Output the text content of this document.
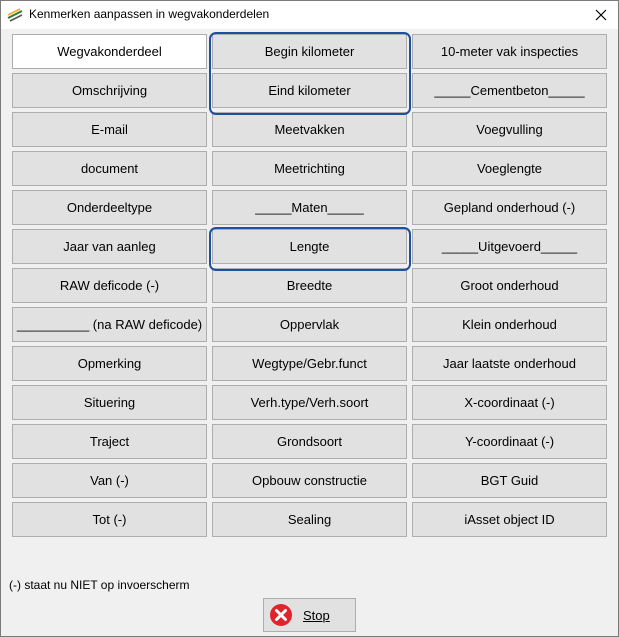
Kenmerken aanpassen in wegvakonderdelen
Wegvakonderdeel	Begin kilometer	10-meter vak inspecties
Omschrijving	Eind kilometer	_____Cementbeton_____
E-mail	Meetvakken	Voegvulling
document	Meetrichting	Voeglengte
Onderdeeltype	_____Maten_____	Gepland onderhoud (-)
Jaar van aanleg	Lengte	_____Uitgevoerd_____
RAW deficode (-)	Breedte	Groot onderhoud
__________ (na RAW deficode)	Oppervlak	Klein onderhoud
Opmerking	Wegtype/Gebr.funct	Jaar laatste onderhoud
Situering	Verh.type/Verh.soort	X-coordinaat (-)
Traject	Grondsoort	Y-coordinaat (-)
Van (-)	Opbouw constructie	BGT Guid
Tot (-)	Sealing	iAsset object ID
(-) staat nu NIET op invoerscherm
Stop
